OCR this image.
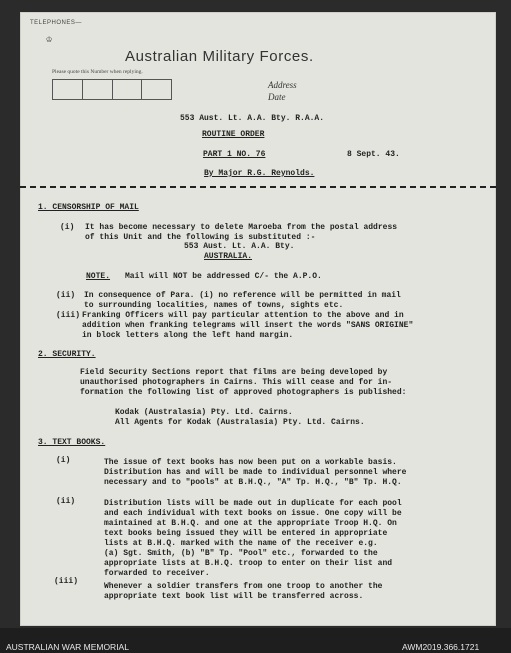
TELEPHONES—
♔
Australian Military Forces.
Please quote this Number when replying.
Address
Date
553 Aust. Lt. A.A. Bty. R.A.A.
ROUTINE ORDER
PART 1 NO. 76	8 Sept. 43.
By Major R.G. Reynolds.
1. CENSORSHIP OF MAIL
(i) It has become necessary to delete Maroeba from the postal address
of this Unit and the following is substituted :-
553 Aust. Lt. A.A. Bty.
AUSTRALIA.
NOTE. Mail will NOT be addressed C/- the A.P.O.
(ii) In consequence of Para. (i) no reference will be permitted in mail
to surrounding localities, names of towns, sights etc.
(iii) Franking Officers will pay particular attention to the above and in
addition when franking telegrams will insert the words "SANS ORIGINE"
in block letters along the left hand margin.
2. SECURITY.
Field Security Sections report that films are being developed by
unauthorised photographers in Cairns. This will cease and for in-
formation the following list of approved photographers is published:
Kodak (Australasia) Pty. Ltd. Cairns.
All Agents for Kodak (Australasia) Pty. Ltd. Cairns.
3. TEXT BOOKS.
(i)	The issue of text books has now been put on a workable basis.
Distribution has and will be made to individual personnel where
necessary and to "pools" at B.H.Q., "A" Tp. H.Q., "B" Tp. H.Q.
(ii)	Distribution lists will be made out in duplicate for each pool
and each individual with text books on issue. One copy will be
maintained at B.H.Q. and one at the appropriate Troop H.Q. On
text books being issued they will be entered in appropriate
lists at B.H.Q. marked with the name of the receiver e.g.
(a) Sgt. Smith, (b) "B" Tp. "Pool" etc., forwarded to the
appropriate lists at B.H.Q. troop to enter on their list and
forwarded to receiver.
(iii)
Whenever a soldier transfers from one troop to another the
appropriate text book list will be transferred across.
AUSTRALIAN WAR MEMORIAL	AWM2019.366.1721
